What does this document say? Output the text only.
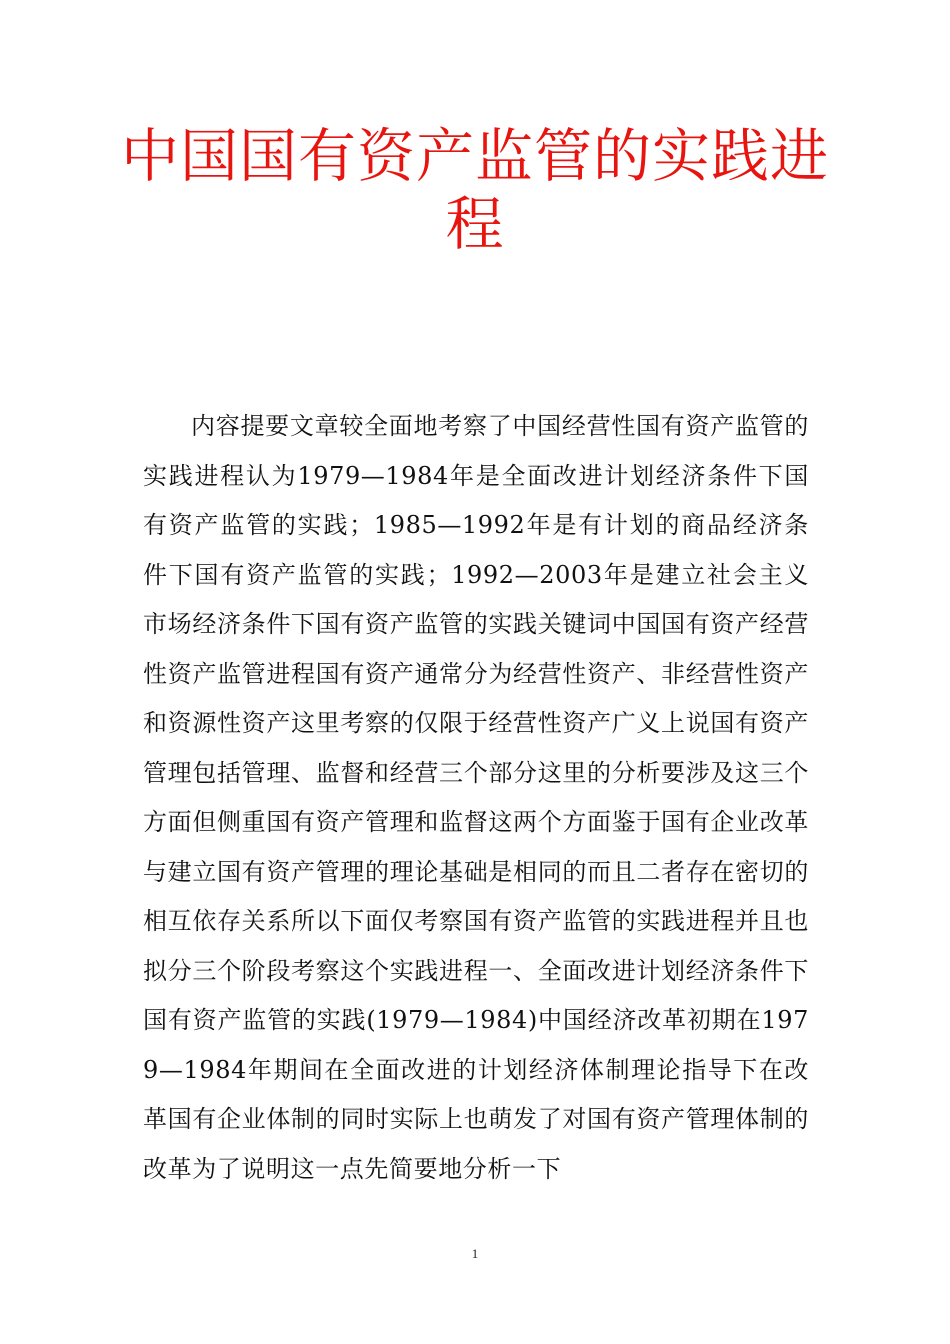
中国国有资产监管的实践进程

内容提要文章较全面地考察了中国经营性国有资产监管的实践进程认为1979—1984年是全面改进计划经济条件下国有资产监管的实践；1985—1992年是有计划的商品经济条件下国有资产监管的实践；1992—2003年是建立社会主义市场经济条件下国有资产监管的实践关键词中国国有资产经营性资产监管进程国有资产通常分为经营性资产、非经营性资产和资源性资产这里考察的仅限于经营性资产广义上说国有资产管理包括管理、监督和经营三个部分这里的分析要涉及这三个方面但侧重国有资产管理和监督这两个方面鉴于国有企业改革与建立国有资产管理的理论基础是相同的而且二者存在密切的相互依存关系所以下面仅考察国有资产监管的实践进程并且也拟分三个阶段考察这个实践进程一、全面改进计划经济条件下国有资产监管的实践(1979—1984)中国经济改革初期在1979—1984年期间在全面改进的计划经济体制理论指导下在改革国有企业体制的同时实际上也萌发了对国有资产管理体制的改革为了说明这一点先简要地分析一下

1
